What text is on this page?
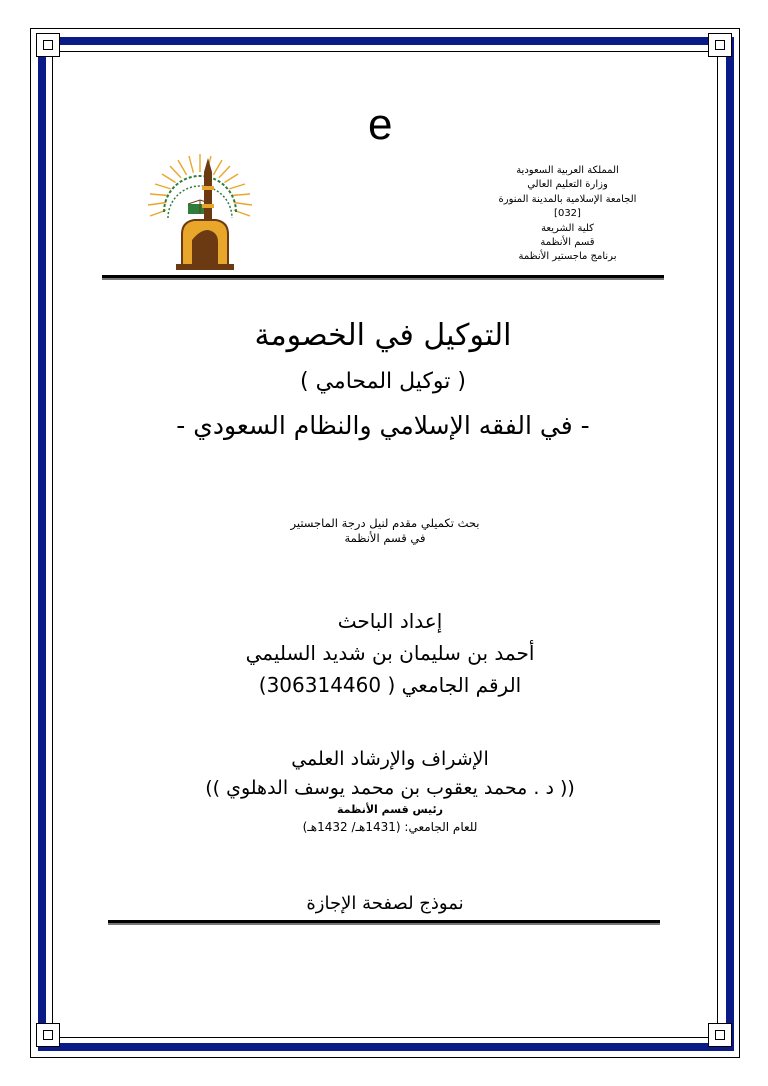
e
المملكة العربية السعودية
وزارة التعليم العالي
الجامعة الإسلامية بالمدينة المنورة
[032]
كلية الشريعة
قسم الأنظمة
برنامج ماجستير الأنظمة
التوكيل في الخصومة
( توكيل المحامي )
- في الفقه الإسلامي والنظام السعودي -
بحث تكميلي مقدم لنيل درجة الماجستير
في قسم الأنظمة
إعداد الباحث
أحمد بن سليمان بن شديد السليمي
الرقم الجامعي ( 306314460)
الإشراف والإرشاد العلمي
(( د . محمد يعقوب بن محمد يوسف الدهلوي ))
رئيس قسم الأنظمة
للعام الجامعي: (1431هـ/ 1432هـ)
نموذج لصفحة الإجازة
